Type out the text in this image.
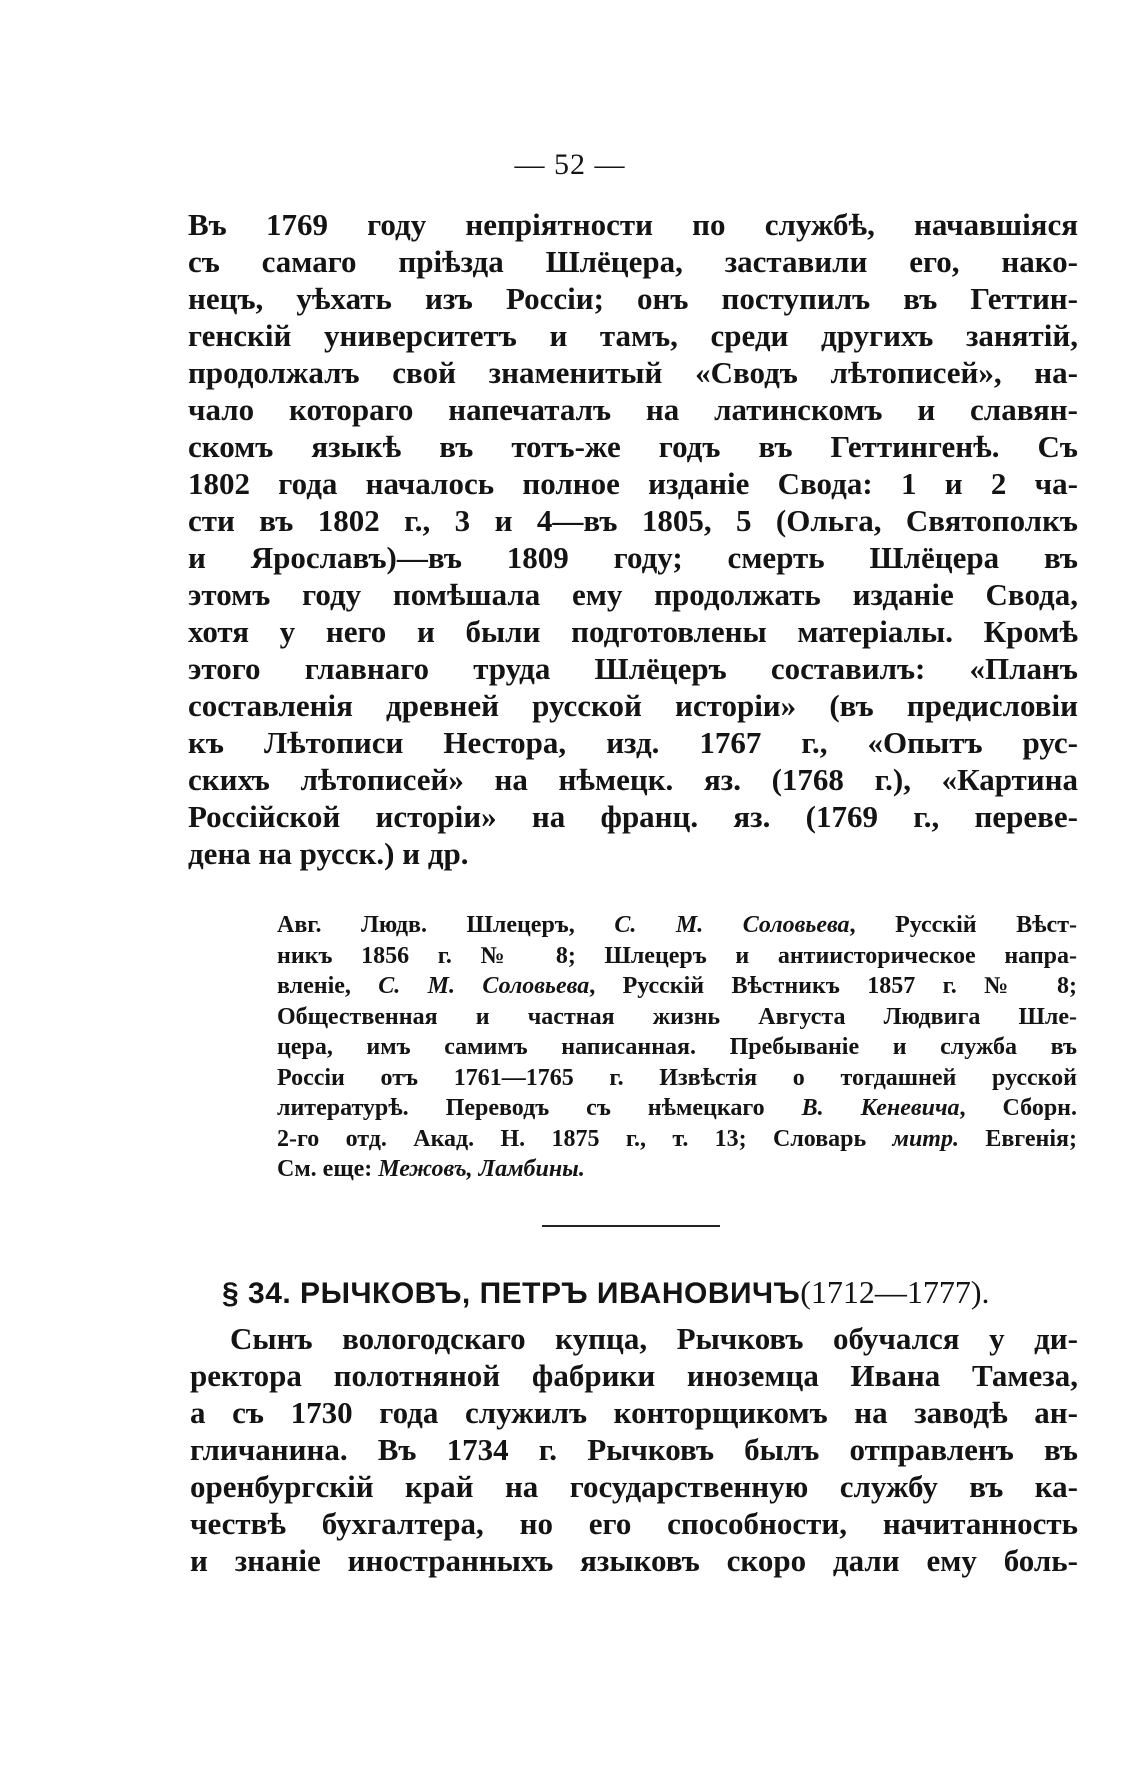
— 52 —
Въ 1769 году непріятности по службѣ, начавшіяся
съ самаго пріѣзда Шлёцера, заставили его, нако-
нецъ, уѣхать изъ Россіи; онъ поступилъ въ Геттин-
генскій университетъ и тамъ, среди другихъ занятій,
продолжалъ свой знаменитый «Сводъ лѣтописей», на-
чало котораго напечаталъ на латинскомъ и славян-
скомъ языкѣ въ тотъ-же годъ въ Геттингенѣ. Съ
1802 года началось полное изданіе Свода: 1 и 2 ча-
сти въ 1802 г., 3 и 4—въ 1805, 5 (Ольга, Святополкъ
и Ярославъ)—въ 1809 году; смерть Шлёцера въ
этомъ году помѣшала ему продолжать изданіе Свода,
хотя у него и были подготовлены матеріалы. Кромѣ
этого главнаго труда Шлёцеръ составилъ: «Планъ
составленія древней русской исторіи» (въ предисловіи
къ Лѣтописи Нестора, изд. 1767 г., «Опытъ рус-
скихъ лѣтописей» на нѣмецк. яз. (1768 г.), «Картина
Россійской исторіи» на франц. яз. (1769 г., переве-
дена на русск.) и др.
Авг. Людв. Шлецеръ, С. М. Соловьева, Русскій Вѣст-
никъ 1856 г. № 8; Шлецеръ и антиисторическое напра-
вленіе, С. М. Соловьева, Русскій Вѣстникъ 1857 г. № 8;
Общественная и частная жизнь Августа Людвига Шле-
цера, имъ самимъ написанная. Пребываніе и служба въ
Россіи отъ 1761—1765 г. Извѣстія о тогдашней русской
литературѣ. Переводъ съ нѣмецкаго В. Кеневича, Сборн.
2-го отд. Акад. Н. 1875 г., т. 13; Словарь митр. Евгенія;
См. еще: Межовъ, Ламбины.
§ 34. РЫЧКОВЪ, ПЕТРЪ ИВАНОВИЧЪ(1712—1777).
Сынъ вологодскаго купца, Рычковъ обучался у ди-
ректора полотняной фабрики иноземца Ивана Тамеза,
а съ 1730 года служилъ конторщикомъ на заводѣ ан-
гличанина. Въ 1734 г. Рычковъ былъ отправленъ въ
оренбургскій край на государственную службу въ ка-
чествѣ бухгалтера, но его способности, начитанность
и знаніе иностранныхъ языковъ скоро дали ему боль-
